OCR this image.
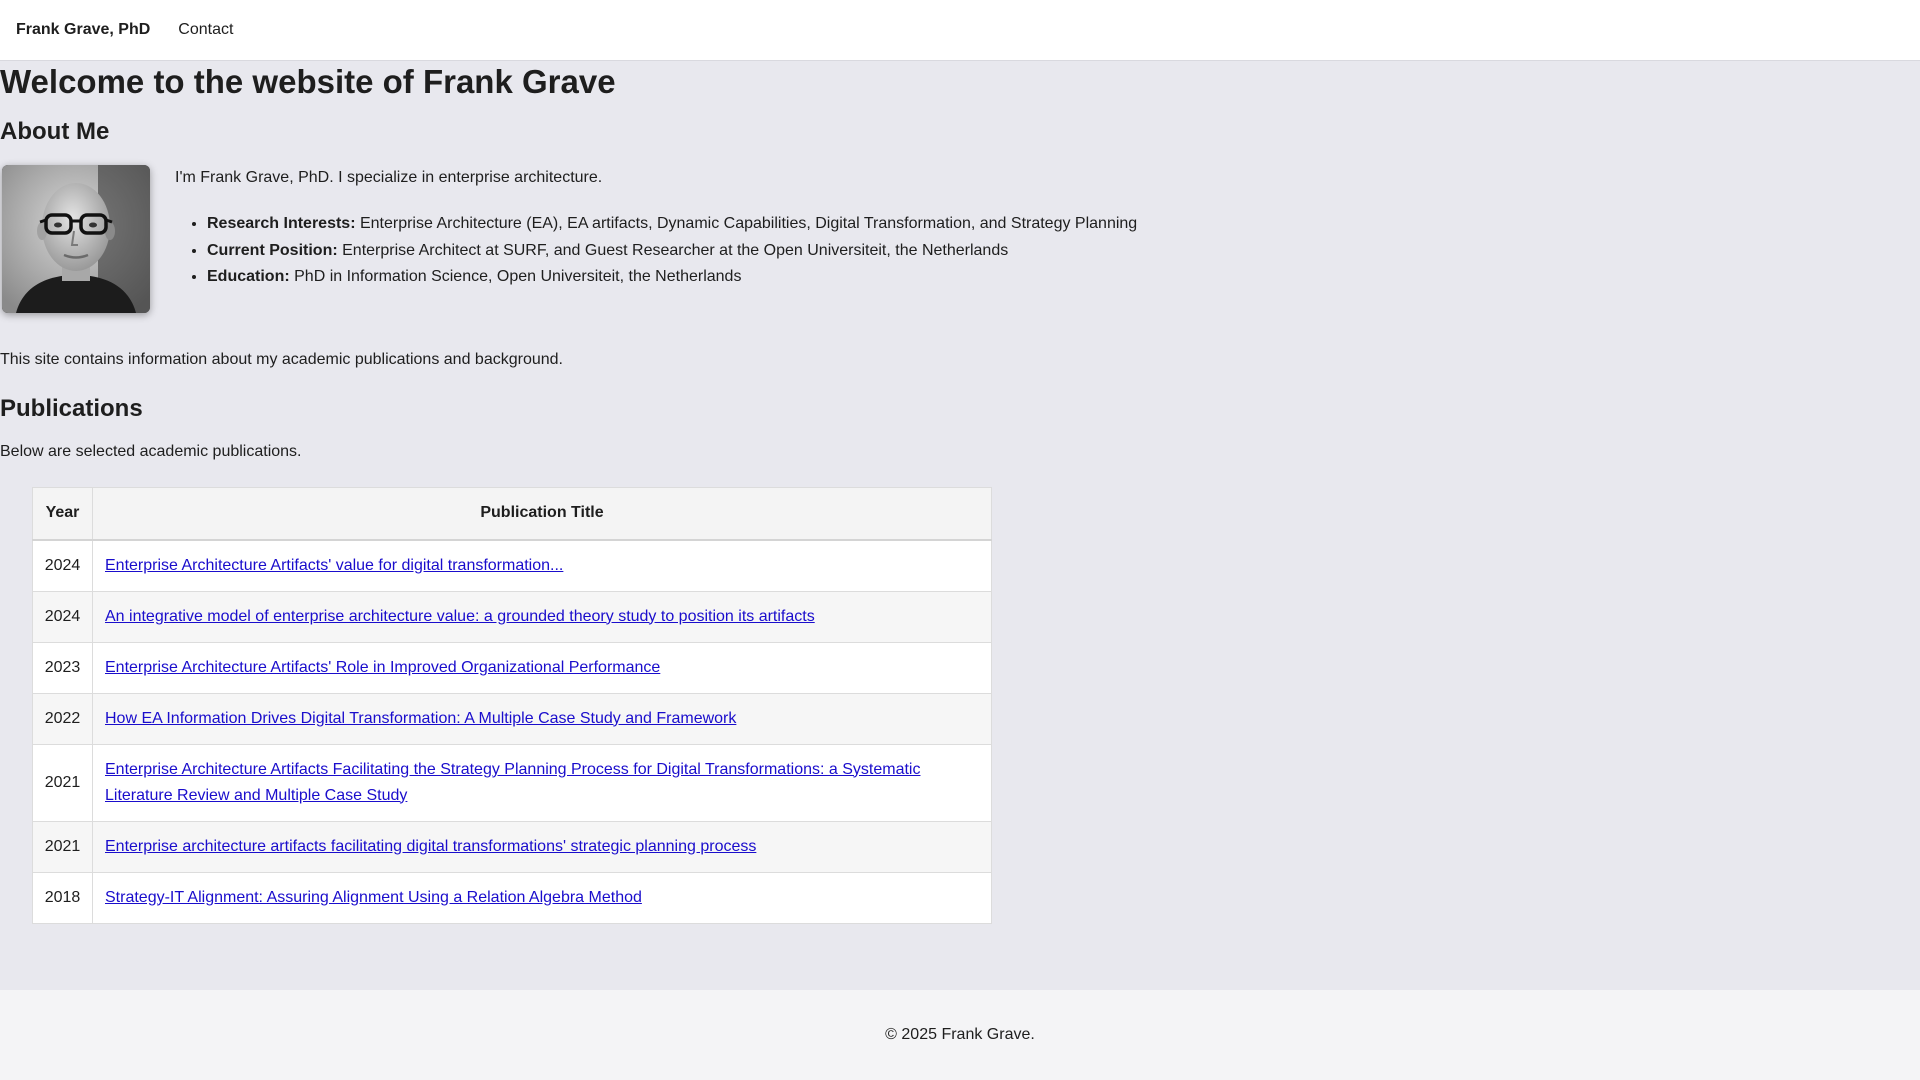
Frank Grave, PhD Contact
Welcome to the website of Frank Grave
About Me

I'm Frank Grave, PhD. I specialize in enterprise architecture.

• Research Interests: Enterprise Architecture (EA), EA artifacts, Dynamic Capabilities, Digital Transformation, and Strategy Planning
• Current Position: Enterprise Architect at SURF, and Guest Researcher at the Open Universiteit, the Netherlands
• Education: PhD in Information Science, Open Universiteit, the Netherlands

This site contains information about my academic publications and background.

Publications

Below are selected academic publications.

Year	Publication Title
2024	Enterprise Architecture Artifacts' value for digital transformation...
2024	An integrative model of enterprise architecture value: a grounded theory study to position its artifacts
2023	Enterprise Architecture Artifacts' Role in Improved Organizational Performance
2022	How EA Information Drives Digital Transformation: A Multiple Case Study and Framework
2021	Enterprise Architecture Artifacts Facilitating the Strategy Planning Process for Digital Transformations: a Systematic Literature Review and Multiple Case Study
2021	Enterprise architecture artifacts facilitating digital transformations' strategic planning process
2018	Strategy-IT Alignment: Assuring Alignment Using a Relation Algebra Method
© 2025 Frank Grave.
